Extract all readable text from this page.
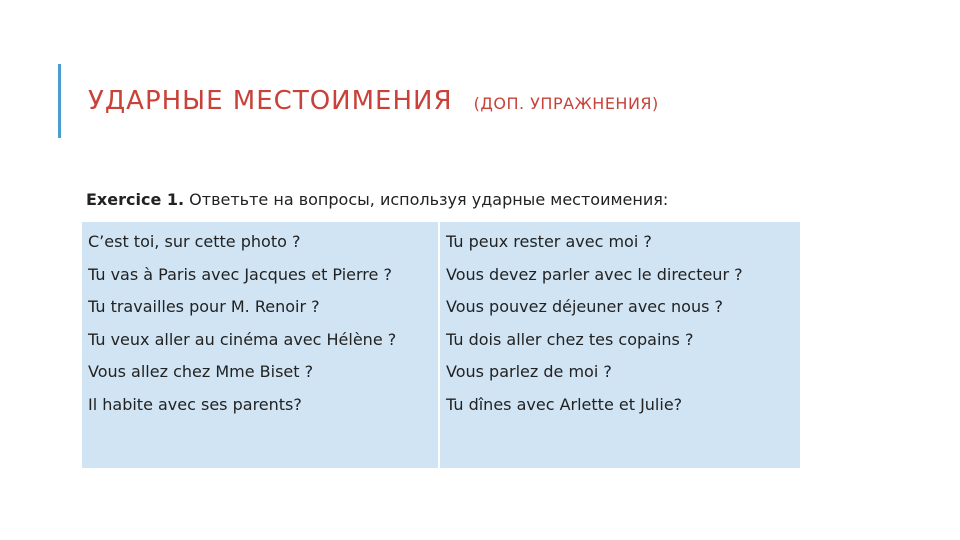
УДАРНЫЕ МЕСТОИМЕНИЯ (ДОП. УПРАЖНЕНИЯ)
Exercice 1. Ответьте на вопросы, используя ударные местоимения:
C’est toi, sur cette photo ?
Tu vas à Paris avec Jacques et Pierre ?
Tu travailles pour M. Renoir ?
Tu veux aller au cinéma avec Hélène ?
Vous allez chez Mme Biset ?
Il habite avec ses parents?
Tu peux rester avec moi ?
Vous devez parler avec le directeur ?
Vous pouvez déjeuner avec nous ?
Tu dois aller chez tes copains ?
Vous parlez de moi ?
Tu dînes avec Arlette et Julie?
